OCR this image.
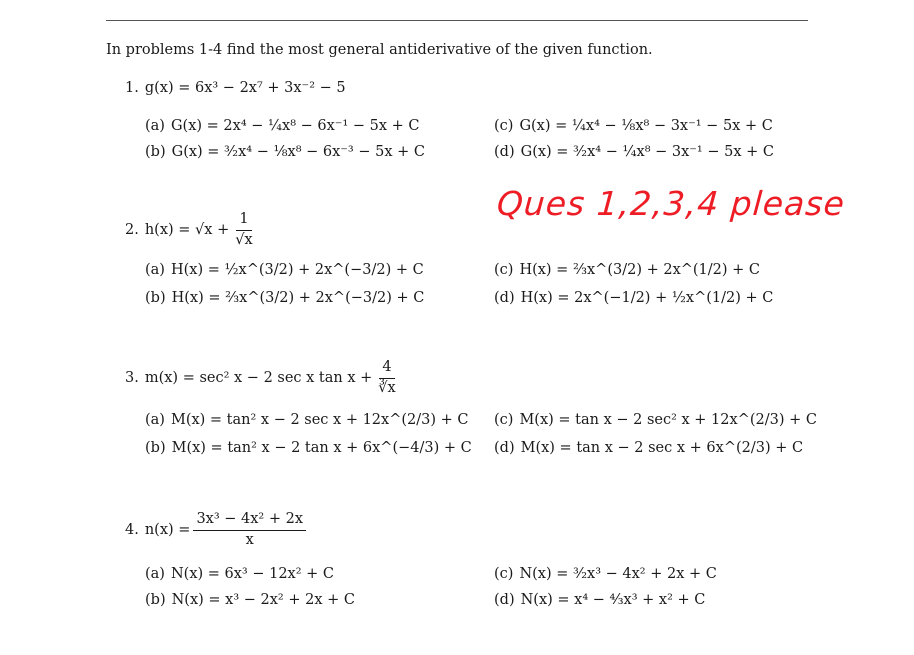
In problems 1-4 find the most general antiderivative of the given function.
Ques 1,2,3,4 please
1. g(x) = 6x³ − 2x⁷ + 3x⁻² − 5
(a) G(x) = 2x⁴ − ¼x⁸ − 6x⁻¹ − 5x + C
(b) G(x) = ³⁄₂x⁴ − ⅛x⁸ − 6x⁻³ − 5x + C
(c) G(x) = ¼x⁴ − ⅛x⁸ − 3x⁻¹ − 5x + C
(d) G(x) = ³⁄₂x⁴ − ¼x⁸ − 3x⁻¹ − 5x + C
2. $h(x) = √x + \frac{1}{√x}$
(a) H(x) = ½x^(3/2) + 2x^(−3/2) + C
(b) H(x) = ⅔x^(3/2) + 2x^(−3/2) + C
(c) H(x) = ⅔x^(3/2) + 2x^(1/2) + C
(d) H(x) = 2x^(−1/2) + ½x^(1/2) + C
3. m(x) = sec² x − 2 sec x $\tan x + \frac{4}{∛x}$
(a) M(x) = tan² x − 2 sec x + 12x^(2/3) + C
(b) M(x) = tan² x − 2 tan x + 6x^(−4/3) + C
(c) M(x) = tan x − 2 sec² x + 12x^(2/3) + C
(d) M(x) = tan x − 2 sec x + 6x^(2/3) + C
4. $n(x) = \frac{\text{3x³ − 4x² + 2x}}{x}$
(a) N(x) = 6x³ − 12x² + C
(b) N(x) = x³ − 2x² + 2x + C
(c) N(x) = ³⁄₂x³ − 4x² + 2x + C
(d) N(x) = x⁴ − ⁴⁄₃x³ + x² + C
